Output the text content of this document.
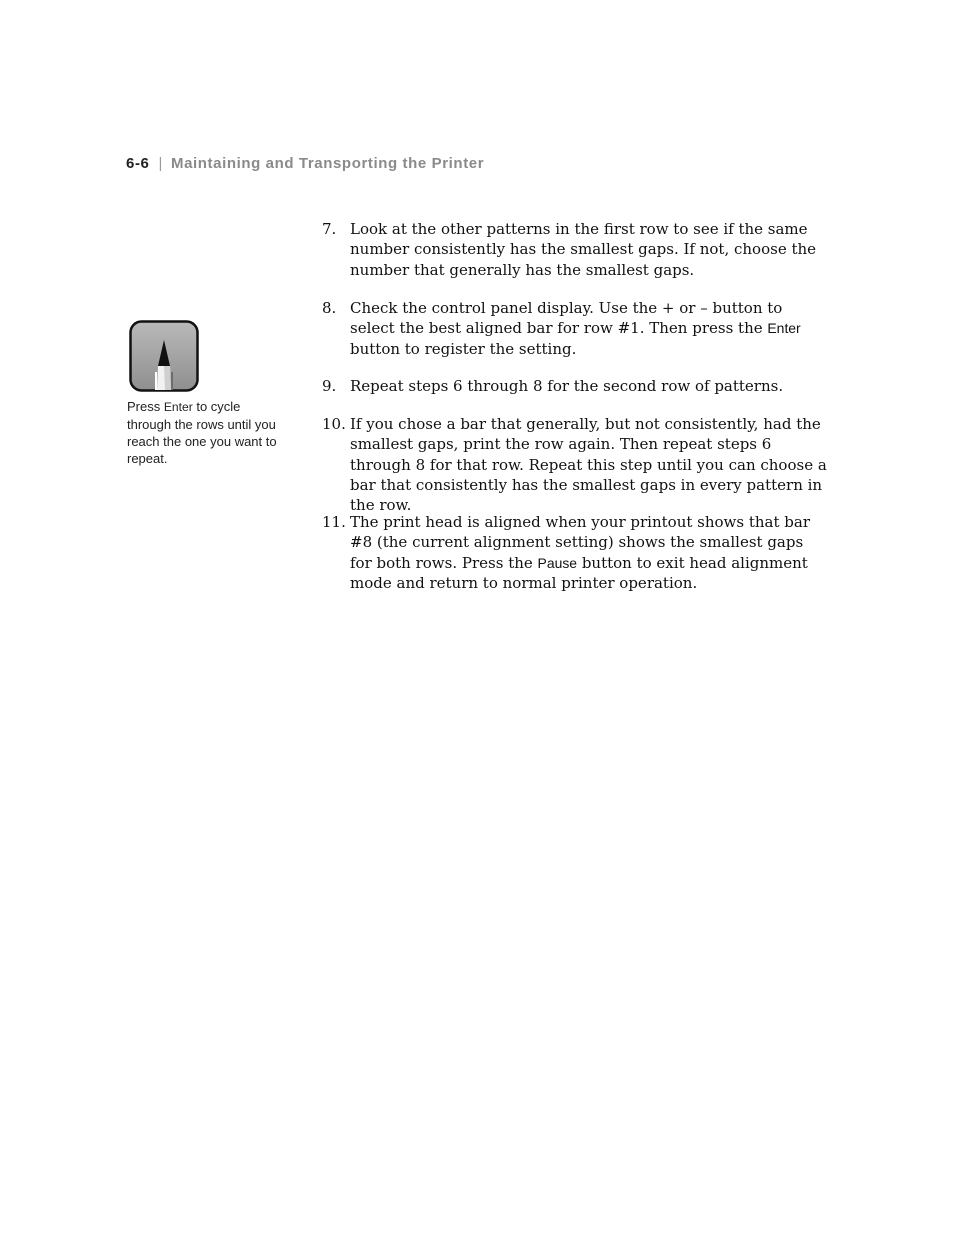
6-6 | Maintaining and Transporting the Printer
Press Enter to cycle through the rows until you reach the one you want to repeat.
7. Look at the other patterns in the first row to see if the same number consistently has the smallest gaps. If not, choose the number that generally has the smallest gaps.
8. Check the control panel display. Use the + or – button to select the best aligned bar for row #1. Then press the Enter button to register the setting.
9. Repeat steps 6 through 8 for the second row of patterns.
10. If you chose a bar that generally, but not consistently, had the smallest gaps, print the row again. Then repeat steps 6 through 8 for that row. Repeat this step until you can choose a bar that consistently has the smallest gaps in every pattern in the row.
11. The print head is aligned when your printout shows that bar #8 (the current alignment setting) shows the smallest gaps for both rows. Press the Pause button to exit head alignment mode and return to normal printer operation.
